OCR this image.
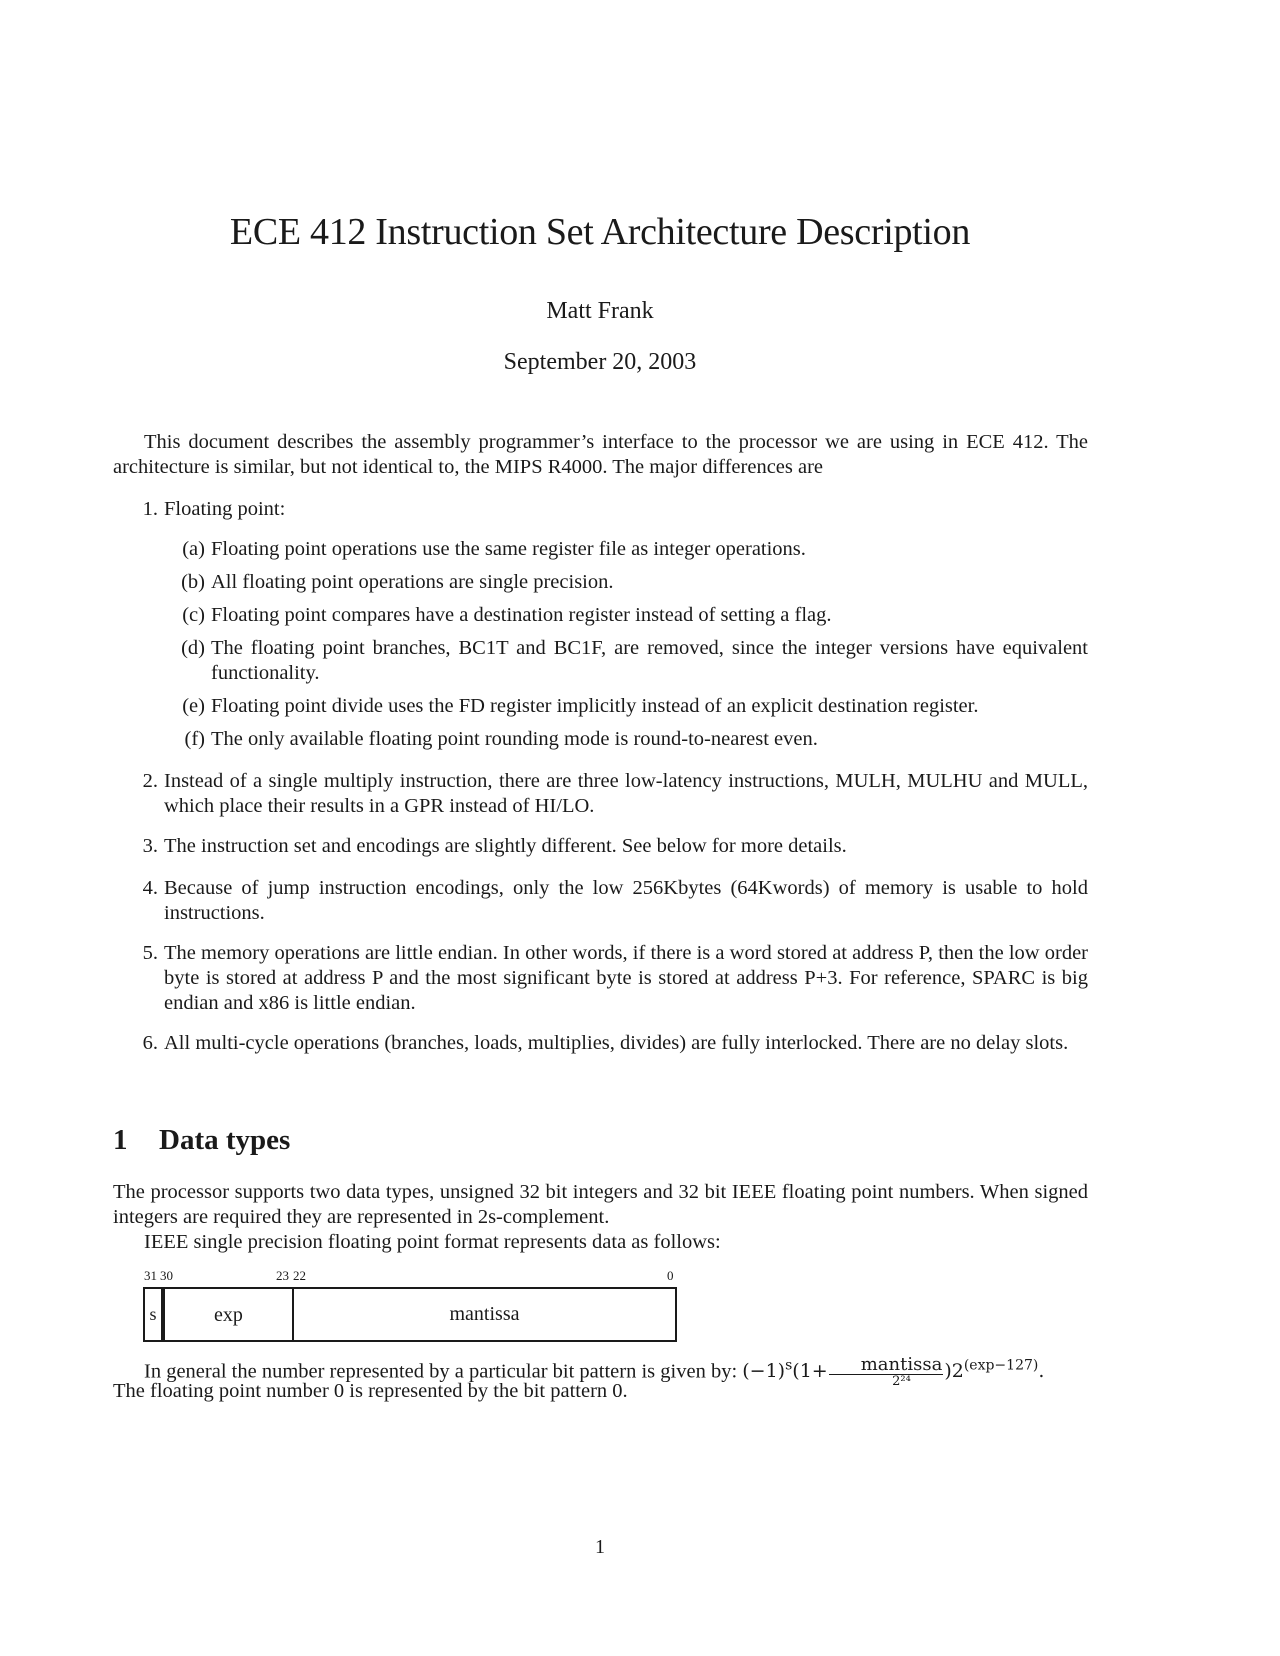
ECE 412 Instruction Set Architecture Description
Matt Frank
September 20, 2003
This document describes the assembly programmer’s interface to the processor we are using in ECE 412. The architecture is similar, but not identical to, the MIPS R4000. The major differences are
1. Floating point:
(a) Floating point operations use the same register file as integer operations.
(b) All floating point operations are single precision.
(c) Floating point compares have a destination register instead of setting a flag.
(d) The floating point branches, BC1T and BC1F, are removed, since the integer versions have equivalent functionality.
(e) Floating point divide uses the FD register implicitly instead of an explicit destination register.
(f) The only available floating point rounding mode is round-to-nearest even.
2. Instead of a single multiply instruction, there are three low-latency instructions, MULH, MULHU and MULL, which place their results in a GPR instead of HI/LO.
3. The instruction set and encodings are slightly different. See below for more details.
4. Because of jump instruction encodings, only the low 256Kbytes (64Kwords) of memory is usable to hold instructions.
5. The memory operations are little endian. In other words, if there is a word stored at address P, then the low order byte is stored at address P and the most significant byte is stored at address P+3. For reference, SPARC is big endian and x86 is little endian.
6. All multi-cycle operations (branches, loads, multiplies, divides) are fully interlocked. There are no delay slots.
1 Data types
The processor supports two data types, unsigned 32 bit integers and 32 bit IEEE floating point numbers. When signed integers are required they are represented in 2s-complement.
IEEE single precision floating point format represents data as follows:
31 30	23 22	0
s	exp	mantissa
In general the number represented by a particular bit pattern is given by: $(-1)^s(1+ \frac{\text{mantissa}}{\text{2²⁴}} )2^{(exp-127)}$.
The floating point number 0 is represented by the bit pattern 0.
1
